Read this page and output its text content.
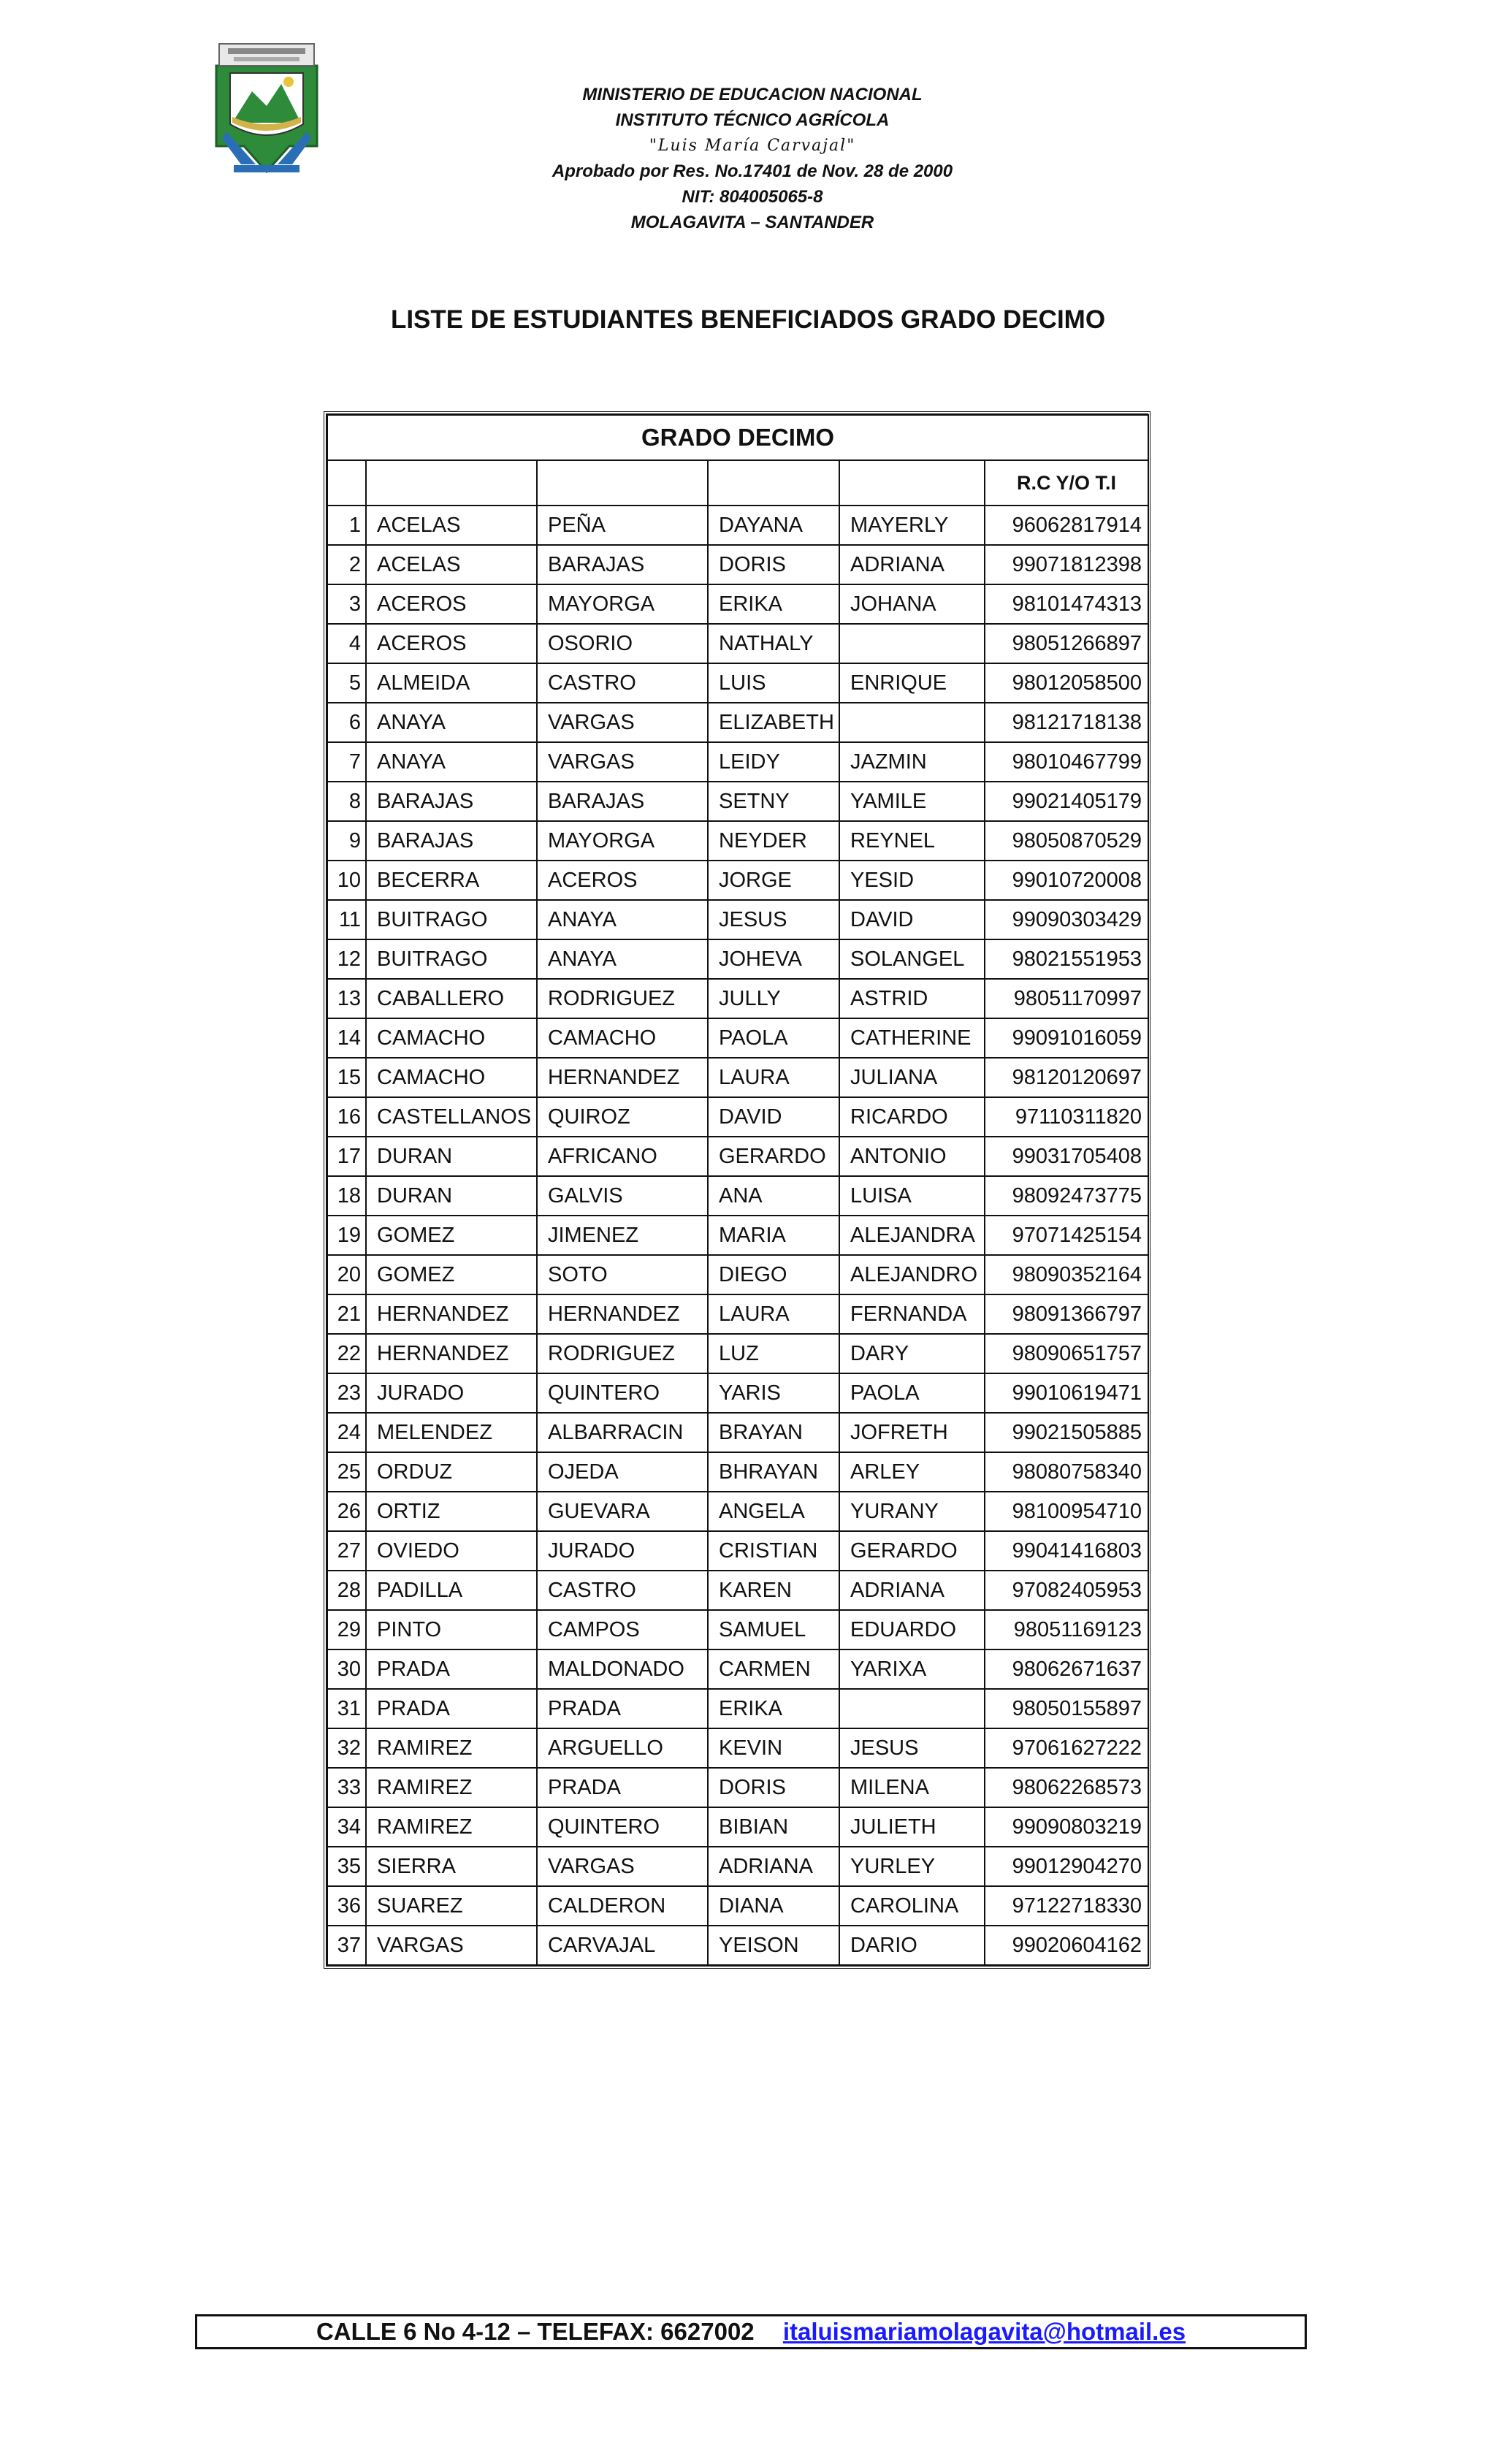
MINISTERIO DE EDUCACION NACIONAL
INSTITUTO TÉCNICO AGRÍCOLA
"Luis María Carvajal"
Aprobado por Res. No.17401 de Nov. 28 de 2000
NIT: 804005065-8
MOLAGAVITA – SANTANDER
LISTE DE ESTUDIANTES BENEFICIADOS GRADO DECIMO
GRADO DECIMO					
					R.C Y/O T.I
1	ACELAS	PEÑA	DAYANA	MAYERLY	96062817914
2	ACELAS	BARAJAS	DORIS	ADRIANA	99071812398
3	ACEROS	MAYORGA	ERIKA	JOHANA	98101474313
4	ACEROS	OSORIO	NATHALY		98051266897
5	ALMEIDA	CASTRO	LUIS	ENRIQUE	98012058500
6	ANAYA	VARGAS	ELIZABETH		98121718138
7	ANAYA	VARGAS	LEIDY	JAZMIN	98010467799
8	BARAJAS	BARAJAS	SETNY	YAMILE	99021405179
9	BARAJAS	MAYORGA	NEYDER	REYNEL	98050870529
10	BECERRA	ACEROS	JORGE	YESID	99010720008
11	BUITRAGO	ANAYA	JESUS	DAVID	99090303429
12	BUITRAGO	ANAYA	JOHEVA	SOLANGEL	98021551953
13	CABALLERO	RODRIGUEZ	JULLY	ASTRID	98051170997
14	CAMACHO	CAMACHO	PAOLA	CATHERINE	99091016059
15	CAMACHO	HERNANDEZ	LAURA	JULIANA	98120120697
16	CASTELLANOS	QUIROZ	DAVID	RICARDO	97110311820
17	DURAN	AFRICANO	GERARDO	ANTONIO	99031705408
18	DURAN	GALVIS	ANA	LUISA	98092473775
19	GOMEZ	JIMENEZ	MARIA	ALEJANDRA	97071425154
20	GOMEZ	SOTO	DIEGO	ALEJANDRO	98090352164
21	HERNANDEZ	HERNANDEZ	LAURA	FERNANDA	98091366797
22	HERNANDEZ	RODRIGUEZ	LUZ	DARY	98090651757
23	JURADO	QUINTERO	YARIS	PAOLA	99010619471
24	MELENDEZ	ALBARRACIN	BRAYAN	JOFRETH	99021505885
25	ORDUZ	OJEDA	BHRAYAN	ARLEY	98080758340
26	ORTIZ	GUEVARA	ANGELA	YURANY	98100954710
27	OVIEDO	JURADO	CRISTIAN	GERARDO	99041416803
28	PADILLA	CASTRO	KAREN	ADRIANA	97082405953
29	PINTO	CAMPOS	SAMUEL	EDUARDO	98051169123
30	PRADA	MALDONADO	CARMEN	YARIXA	98062671637
31	PRADA	PRADA	ERIKA		98050155897
32	RAMIREZ	ARGUELLO	KEVIN	JESUS	97061627222
33	RAMIREZ	PRADA	DORIS	MILENA	98062268573
34	RAMIREZ	QUINTERO	BIBIAN	JULIETH	99090803219
35	SIERRA	VARGAS	ADRIANA	YURLEY	99012904270
36	SUAREZ	CALDERON	DIANA	CAROLINA	97122718330
37	VARGAS	CARVAJAL	YEISON	DARIO	99020604162
CALLE 6 No 4-12 – TELEFAX: 6627002 italuismariamolagavita@hotmail.es
